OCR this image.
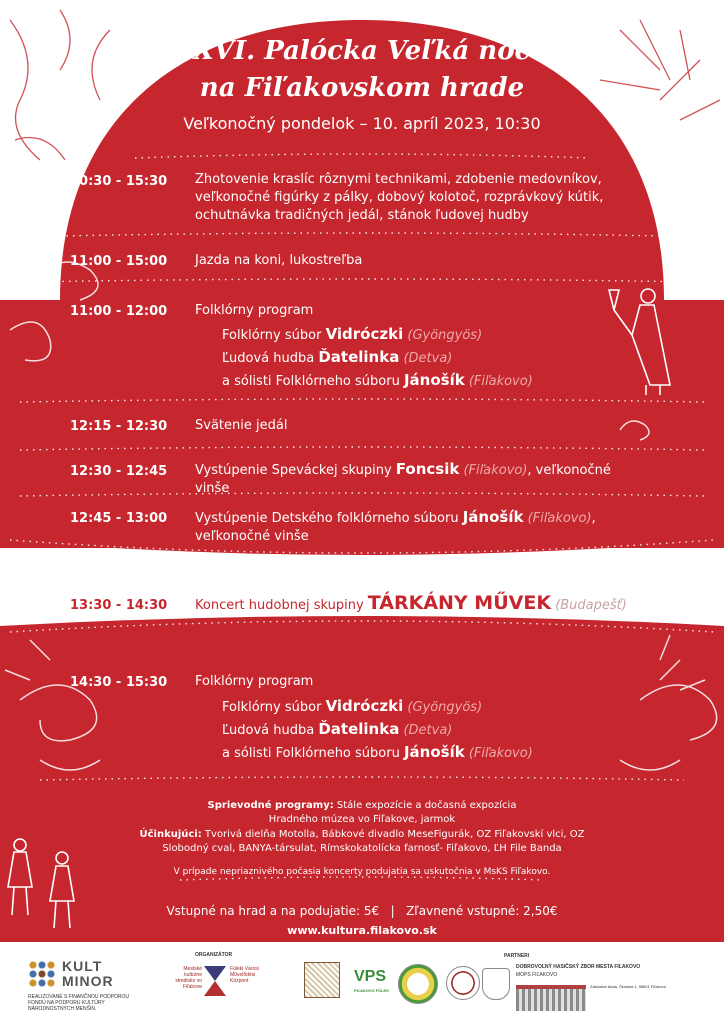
XVI. Palócka Veľká noc
na Fiľakovskom hrade
Veľkonočný pondelok – 10. apríl 2023, 10:30
10:30 - 15:30 Zhotovenie kraslíc rôznymi technikami, zdobenie medovníkov, veľkonočné figúrky z pálky, dobový kolotoč, rozprávkový kútik, ochutnávka tradičných jedál, stánok ľudovej hudby
11:00 - 15:00 Jazda na koni, lukostreľba
11:00 - 12:00 Folklórny program
Folklórny súbor Vidróczki (Gyöngyös)
Ľudová hudba Ďatelinka (Detva)
a sólisti Folklórneho súboru Jánošík (Fiľakovo)
12:15 - 12:30 Svätenie jedál
12:30 - 12:45 Vystúpenie Speváckej skupiny Foncsik (Fiľakovo), veľkonočné vinše
12:45 - 13:00 Vystúpenie Detského folklórneho súboru Jánošík (Fiľakovo),
veľkonočné vinše
13:30 - 14:30 Koncert hudobnej skupiny TÁRKÁNY MŰVEK (Budapešť)
14:30 - 15:30 Folklórny program
Folklórny súbor Vidróczki (Gyöngyös)
Ľudová hudba Ďatelinka (Detva)
a sólisti Folklórneho súboru Jánošík (Fiľakovo)
Sprievodné programy: Stále expozície a dočasná expozícia
Hradného múzea vo Fiľakove, jarmok
Účinkujúci: Tvorivá dielňa Motolla, Bábkové divadlo MeseFigurák, OZ Fiľakovskí vlci, OZ
Slobodný cval, BANYA-társulat, Rímskokatolícka farnosť- Fiľakovo, ĽH File Banda
V prípade nepriaznivého počasia koncerty podujatia sa uskutočnia v MsKS Fiľakovo.
Vstupné na hrad a na podujatie: 5€ | Zľavnené vstupné: 2,50€
www.kultura.filakovo.sk
KULT
MINOR
REALIZOVANÉ S FINANČNOU PODPOROU FONDU NA PODPORU KULTÚRY NÁRODNOSTNÝCH MENŠÍN.
ORGANIZÁTOR
Mestské kultúrne stredisko vo Fiľakove
Füleki Városi Művelődési Központ	VPS
FIĽAKOVO FÜLEK
PARTNERI
DOBROVOĽNÝ HASIČSKÝ ZBOR MESTA FIĽAKOVO
MOPS FIĽAKOVO
Základná škola, Školská 1, 98601 Fiľakovo
